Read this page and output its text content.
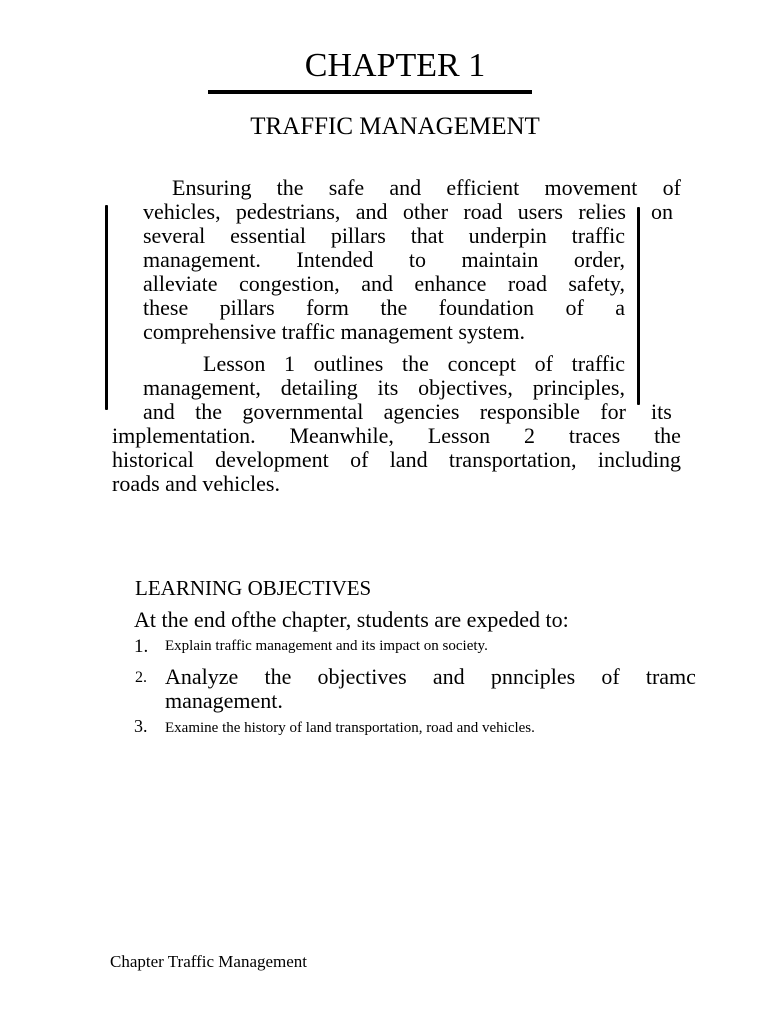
CHAPTER 1
TRAFFIC MANAGEMENT
Ensuring the safe and efficient movement of
vehicles, pedestrians, and other road users relies on
several essential pillars that underpin traffic
management. Intended to maintain order,
alleviate congestion, and enhance road safety,
these pillars form the foundation of a
comprehensive traffic management system.
Lesson 1 outlines the concept of traffic
management, detailing its objectives, principles,
and the governmental agencies responsible for its
implementation. Meanwhile, Lesson 2 traces the
historical development of land transportation, including
roads and vehicles.
LEARNING OBJECTIVES
At the end ofthe chapter, students are expeded to:
1. Explain traffic management and its impact on society.
2. Analyze the objectives and pnnciples of tramc
management.
3. Examine the history of land transportation, road and vehicles.
Chapter Traffic Management
